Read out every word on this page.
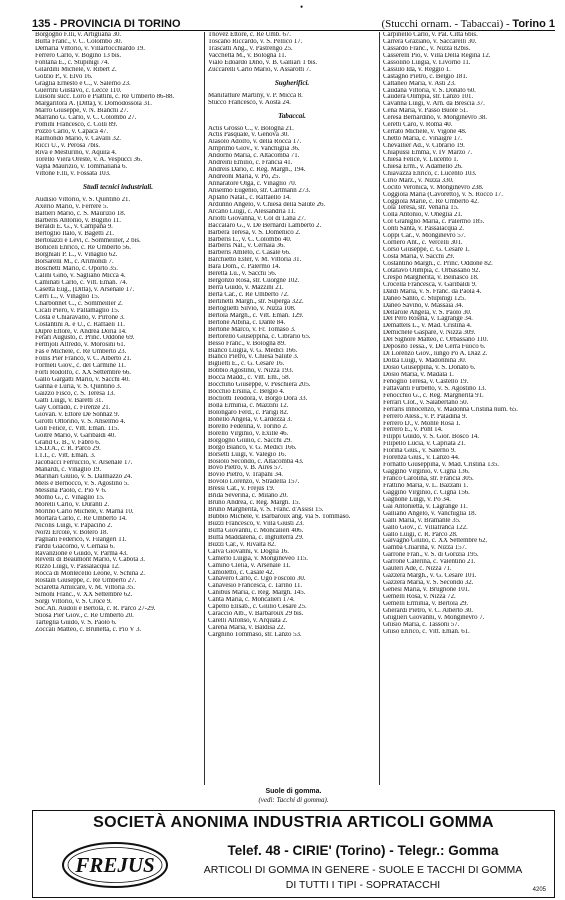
135 - PROVINCIA DI TORINO
•
(Stucchi ornam. - Tabaccai) - Torino 1
Borgogno F.lli, v. Artigliana 30.
Buffa Franc., v. C. Colombo 30.
Demaria Vittorio, v. Villarfocchiardo 19.
Ferrero Carlo, v. Bogino 13 bis.
Fontana E., c. Stupinigi 74.
Gilardini Michele, v. Ribert 2.
Golzio P., v. Elvo 16.
Graglia Ernesto e C., v. Salerno 23.
Guerrini Gustavo, c. Lecce 110.
Luisoni succ. Loro e Piattini, c. Re Umberto 86-88.
Margaritora A. (Ditta), v. Domodossola 31.
Marro Giuseppe, v. N. Bianchi 27.
Marrano G. Carlo, v. C. Colombo 27.
Pomini Francesco, c. Colli 89.
Pozzo Carlo, v. Capaca 47.
Raimondo Mario, v. Cavalli 32.
Ricci U., v. Perosa 7bis.
Riva e Mesturino, v. Aquila 4.
Torello Viera Oreste, v. A. Vespucci 36.
Vajna Maurizio, v. Tommaliana 6.
Vittone F.lli, v. Fossata 103.
Studi tecnici industriali.
Audisio Vittorio, v. S. Quintino 21.
Axerio Mario, v. Ferrere 5.
Baltieri Mario, c. S. Maurizio 18.
Barberis Antonio, v. Bugino 11.
Beraldi E. G., v. Campana 9.
Bertoglio Italo, v. Bagetti 21.
Bertolazzi e Levi, c. Sommeiller, 2 bis.
Boniceli Enrico, c. Re Umberto 56.
Borgniali P. L., v. Vinaglio 62.
Borsarelli M., c. Arimondi 7.
Boschetti Mario, c. Oporto 35.
Calini Gino, v. Sagliano Micca 4.
Caminati Carlo, c. Vitt. Eman. 74.
Casetta Eug., (Ditta), v. Arsenale 17.
Cerri L., v. Vinaglio 15.
Charbonnet C., c. Sommeiller 2.
Cicali Piero, v. Pallamaglio 15.
Costa e Chiaravallo, v. Pirrone 3.
Costantini A. e U., c. Raffaeli 11.
Dupré Ettore, v. Andrea Doria 14.
Ferari Augusto, c. Princ. Oddone 69.
Fermjoli Alfredo, v. Morosini 61.
Fas e Michele, c. Re Umberto 23.
Follis Pier Franco, v. C. Alberto 21.
Formeli Giov., c. del Carmine 11.
Forti Rodolfo, c. XX Settembre 66.
Gallo Gargatti Mario, v. Sacchi 40.
Ganna e Luria, v. S. Quintino 3.
Gaizzo Fisco, c. S. Teresa 13.
Gatti Luigi, v. Baretti 31.
Gay Corrado, c. Firenze 21.
Giovan. v. Ettore De Sonnaz 9.
Girotti Ottorino, v. S. Anselmo 4.
Goll Felice, c. Vitt. Eman. 115.
Goitre Mario, v. Garibaldi 40.
Grand G. B., v. Fabro 6.
I.S.D.A., c. R. Parco 29.
I.T.I., c. Vitt. Eman. 3.
Jacobacci Ferruccio, v. Arsenale 17.
Manardi, c. Vinaglio 19.
Marinari Giulio, v. S. Dalmazzo 24.
Mels e Bernocco, v. S. Agostino 5.
Messina Paolo, c. Pio V 6.
Momo G., c. Vinaglio 15.
Morelli Carlo, v. Duranti 2.
Morino Carlo Michele, v. Marna 10.
Mortara Carlo, c. Re Umberto 14.
Nicolis Luigi, v. Papacino 2.
Norzi Ercole, v. Botero 18.
Pagliani Federico, v. Filangeri 11.
Pardu Giacomo, v. Cernaia 6.
Ravalizione e Guido, v. Parma 43.
Revelli di Beaumont Mario, v. Cabota 3.
Rizzo Luigi, v. Passalacqua 12.
Rocca di Montecello Leone, v. Schina 2.
Rostain Giuseppe, c. Re Umberto 27.
Sciaretta Amilcare, v. M. Vittoria 35.
Simoni Franc., v. XX Settembre 62.
Sorgi Vittorio, v. S. Croce 9.
Soc.An. Audoli e Bertola, c. R. Parco 27-29.
Stiosa Pier Giov., c. Re Umberto 20.
Tarteglia Guido, v. S. Paolo 6.
Zoccali Matteo, c. Brunetta, c. Pio V 3.
Thovez Ettore, c. Re Umb. 67.
Toscano Riccardo, v. S. Pellico 17.
Trascatti Ang., v. Pastrengo 25.
Vacchetta M., v. Bologna 11.
Vialo Edoardo Dino, v. B. Galliari 1 bis.
Zuccarelli Carlo Mario, v. Assarotti 7.
Sugherifici.
Manifatture Martiny, v. P. Micca 8.
Stucco Francesco, v. Aosta 24.
Tabaccai.
Actis Grosso C., v. Bologna 21.
Actis Pasquale, v. Genova 30.
Alasolo Adolfo, v. della Rocca 17.
Amprimo Giov., v. Vanchiglia 36.
Andorno Maria, c. Altacomba 71.
Andreini Emilio, c. Francia 41.
Andreis Dario, c. Reg. Margh., 194.
Andreoni Maria, v. Po, 25.
Annaratore Olga, c. Vinaglio 70.
Anselmo Eugenio, str. Cartmann 273.
Aplano Natal., c. Raffaello 14.
Ardunno Angelo, v. Chiesa della Salute 26.
Arcano Luigi, c. Alessandria 11.
Ariotti Giovanna, v. Col di Lana 27.
Baccalaro G., v. De Bernardi Lamberto 2.
Barbera Teresa, v. S. Domenico 2.
Barberis L., v. C. Colombo 40.
Barberis Nat., v. Cernaia 36.
Barberis Amleto, c. Casale 66.
Barchietto Ester, v. M. Vittoria 31.
Bara Dom., c. Palermo 14.
Beretta Lu., v. Sacchi 56.
Bergonzo Rosa, str. Cuorgnè 102.
Berra Guido, v. Mazzini 21.
Berta Car., c. Re Umberto 72.
Bertinetti Margh., str. Superga 322.
Bertoglietti Silvio, v. Nizza 108.
Bertola Margh., c. Vitt. Eman. 129.
Bertone Albina, c. Dante 84.
Bertone Marco, v. Fr. Tomaso 3.
Bertorello Giuseppina, c. Cibrario 65.
Besso Franc., v. Bologna 89.
Bianco Luigia, v. G. Medici 166.
Bianco Pietro, v. Chiesa Salute 3.
Biglietti E., c. G. Cesare 16.
Bobbio Agostino, v. Nizza 193.
Bocca Madd., c. Vitt. Em., 58.
Bocchino Giuseppe, v. Peschiera 205.
Bocchio Ersilia, c. Belgio 4.
Bocliotti Teodora, v. Borgo Dora 33.
Bolla Erminia, c. Mazzini 12.
Bolongaro Ferd., c. Parigi 82.
Bonello Angela, v. Cardezza 3.
Borello Fedelina, v. Torino 2.
Borello Virginio, v. Exille 46.
Borgogno Giulio, c. Sacchi 29.
Borgo Bianco, v. G. Medici 166.
Borsetti Luigi, v. Valegio 16.
Bosiolo Secondo, c. Altacomba 43.
Bovo Pietro, v. B. Aires 57.
Bovio Pietro, v. Trapani 34.
Bovolo Lorenzo, v. Stradella 157.
Bressi Cat., v. Frejus 19.
Brida Severina, c. Milano 20.
Bruno Andrea, c. Reg. Margh. 15.
Bruno Margherita, v. S. Franc. d'Assisi 15.
Bubbio Michele, v. Barbaroux ang. via S. Tommaso.
Buzzi Francesco, v. Villa Giusti 23.
Buffa Giovanni, c. Moncalieri 406.
Buffa Maddalena, c. Inghilterra 29.
Buzzi Car., v. Rivalta 82.
Calva Giovanni, v. Doglia 16.
Camerlo Luigia, v. Mongineveo 115.
Camino Clelia, v. Arsenale 11.
Camoletto, c. Casale 42.
Canavero Carlo, c. Ugo Foscolo 30.
Canavesio Francesca, c. Tarino 11.
Canibus Maria, c. Reg. Margh. 145.
Canta Maria, c. Moncalieri 174.
Capello Elisab., c. Giulio Cesare 25.
Caraccio Alb., v. Barbaroux 29 bis.
Carelli Alfonso, v. Arquata 2.
Carena Maria, v. Baldisa 22.
Cargnino Tommaso, str. Lanzo 53.
Carpinello Carlo, v. Pal. Città 6bis.
Carrera Graziano, v. Saccarelli 30.
Cassardo Franc., v. Nizza 82bis.
Casserelli Pio, v. Villa Della Regina 12.
Cassolino Luigia, v. Livorno 11.
Cassulo Ida, v. Reggio 1.
Castagno Pietro, c. Belgio 181.
Cattaneo Maria, v. Asti 23.
Caudana Vittoria, v. S. Donato 60.
Caudera Olimpia, str. Lanzo 101.
Cavanna Luigi, v. Arn. da Brescia 37.
Cena Maria, v. Passo Buole 51.
Ceresa Bernardino, v. Monginevro 38.
Ceretti Caro, v. Roma 40.
Cerrato Michele, v. Vigone 48.
Chetto Maria, c. Vinaigre 17.
Chevallier Ad., v. Cibrario 19.
Chiapussi Emma, v. IV Marzo 7.
Chiesa Felice, v. Lucento 1.
Chiesa Erm., v. Adamello 26.
Chiavazza Enrico, c. Lucento 103.
Cirio Marz., v. Nizza 330.
Cocito Veronica, v. Monginevro 238.
Coggiola Maria (Cavoretto), v. S. Rocco 17.
Coggiola Marie, c. Re Umberto 42.
Cola Teresa, str. Venaria 15.
Colla Antonio, v. Oneglia 21.
Col Graniglio Maria, c. Palermo 185.
Conti Santa, v. Passalacqua 2.
Coppi Car., v. Monginevro 57.
Cornero Ant., c. Vercelli 301.
Corso Giuseppe, c. G. Cesare 1.
Costa Maria, v. Sacchi 29.
Costantino Margh., c. Princ. Oddone 82.
Cotafavo Olimpia, c. Orbassano 92.
Crespo Margherita, v. Beinasco 18.
Crocella Francesca, v. Garibaldi 9.
Daldi Maria, v. S. Franc. da Paola 4.
Daneo Santo, c. Stupinigi 125.
Daneo Savino, v. Massaia 34.
Dellarole Angela, v. S. Paolo 30.
Del Pero Rosina, v. Lagrange 34.
Demattels L., v. Mad. Cristina 4.
Demichele Gaspare, v. Nizza 309.
Del Signore Matteo, c. Orbassano 110.
Deposito Tessa., v. De Cerra Fuoco 6.
Di Lorenzo Giov., lungo Po A. Diaz 2.
Dolza Luigi, v. Madonnina 30.
Dosio Giuseppina, v. S. Donato 6.
Dosio Maria, v. Madala 1.
Fenoglio Teresa, v. Castello 19.
Fattavanti Furbetto, v. S. Agostino 13.
Fenocchio G., c. Reg. Margherita 91.
Ferrari Clot., v. Salabertano 50.
Ferraris Innocenzo, v. Madonna Cristina num. 65.
Ferrero Aless., v. P. Paladina 9.
Ferrero D., v. Monte Rosa 1.
Ferrero E., v. Pont 14.
Filippi Guido, v. S. Gior. Bosco 14.
Filipello Lucia, v. Capriata 21.
Fiorina Gius., v. Salerno 9.
Fiorenza Gius., v. Lanzo 44.
Fornatto Giuseppina, v. Mad. Cristina 135.
Gaggino Virginio, v. Cigna 136.
Franco Carolina, str. Francia 305.
Frattino Maria, v. L. Bazzani 1.
Gaggino Virginio, c. Cigna 156.
Gagnone Luigi, v. Po 34.
Gai Antonietta, v. Lagrange 11.
Galliano Angelo, v. Vanchiglia 18.
Galli Maria, v. Bramante 35.
Gallo Giov., c. Villafranca 122.
Gallo Luigi, c. R. Parco 28.
Galvagno Giulio, c. XX Settembre 62.
Gamba Chiarina, v. Nizza 157.
Garrone Fran., v. S. di Gorizia 195.
Garrone Caterina, c. Valentino 21.
Gauteri Ade, c. Nizza 71.
Gazzera Margh., v. G. Cesare 101.
Gazzera Maria, v. S. Secondo 32.
Genesi Maria, v. Brugnone 101.
Gemelli Rosa, v. Nizza 72.
Gemelli Erminia, v. Bertola 29.
Gherardi Pietro, v. C. Alberto 30.
Ghiglieri Giovanni, v. Monginevro 7.
Ghisio Maria, c. Tassoni 57.
Ghiso Enrico, c. Vitt. Eman. 61.
Suole di gomma.
(vedi: Tacchi di gomma).
SOCIETÀ ANONIMA INDUSTRIA ARTICOLI GOMMA
FREJUS
Telef. 48 - CIRIE' (Torino) - Telegr.: Gomma
ARTICOLI DI GOMMA IN GENERE - SUOLE E TACCHI DI GOMMA
DI TUTTI I TIPI - SOPRATACCHI	4205
